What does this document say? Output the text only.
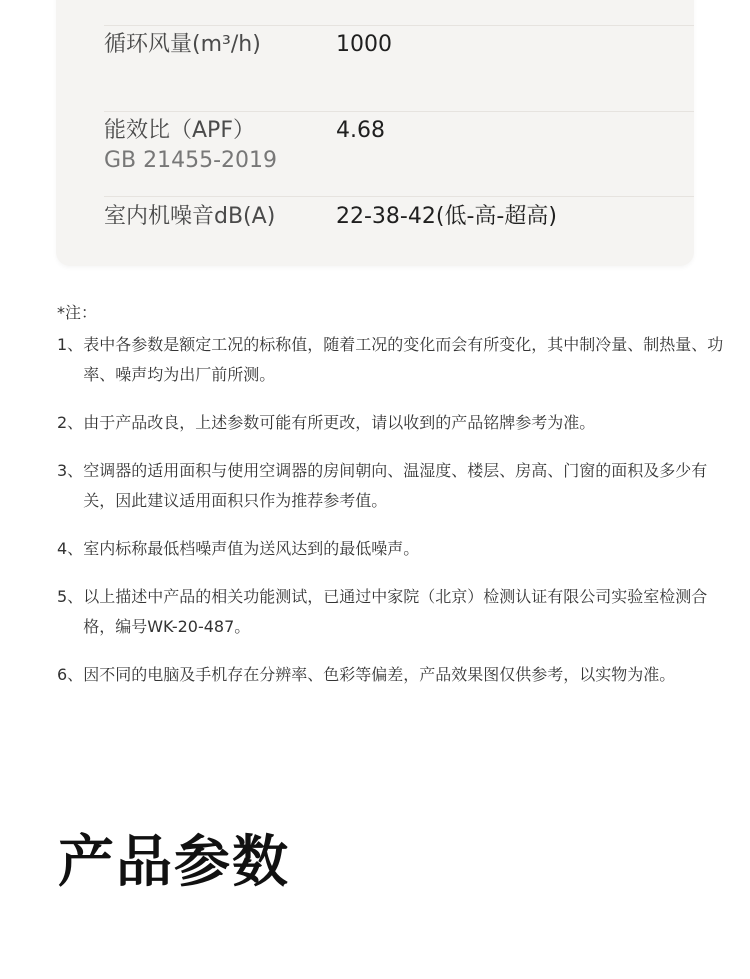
循环风量(m³/h)	1000
能效比（APF）
GB 21455-2019
4.68
室内机噪音dB(A)	22-38-42(低-高-超高)
*注：
1、 表中各参数是额定工况的标称值，随着工况的变化而会有所变化，其中制冷量、制热量、功率、噪声均为出厂前所测。
2、 由于产品改良，上述参数可能有所更改，请以收到的产品铭牌参考为准。
3、 空调器的适用面积与使用空调器的房间朝向、温湿度、楼层、房高、门窗的面积及多少有关，因此建议适用面积只作为推荐参考值。
4、 室内标称最低档噪声值为送风达到的最低噪声。
5、 以上描述中产品的相关功能测试，已通过中家院（北京）检测认证有限公司实验室检测合格，编号WK-20-487。
6、 因不同的电脑及手机存在分辨率、色彩等偏差，产品效果图仅供参考，以实物为准。
产品参数
